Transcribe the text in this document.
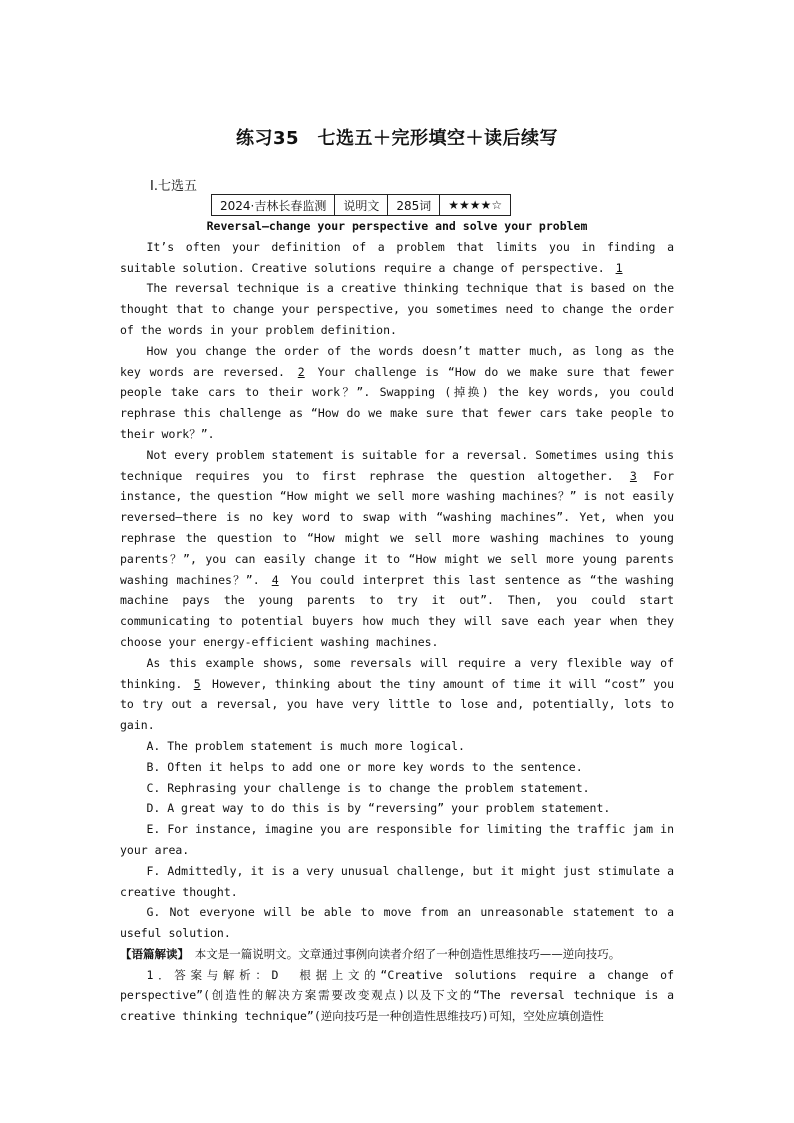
练习35　七选五＋完形填空＋读后续写
Ⅰ.七选五
2024·吉林长春监测	说明文	285词	★★★★☆

Reversal—change your perspective and solve your problem

It’s often your definition of a problem that limits you in finding a suitable solution. Creative solutions require a change of perspective. 1

The reversal technique is a creative thinking technique that is based on the thought that to change your perspective, you sometimes need to change the order of the words in your problem definition.

How you change the order of the words doesn’t matter much, as long as the key words are reversed. 2 Your challenge is “How do we make sure that fewer people take cars to their work？”. Swapping (掉换) the key words, you could rephrase this challenge as “How do we make sure that fewer cars take people to their work？”.

Not every problem statement is suitable for a reversal. Sometimes using this technique requires you to first rephrase the question altogether. 3 For instance, the question “How might we sell more washing machines？” is not easily reversed—there is no key word to swap with “washing machines”. Yet, when you rephrase the question to “How might we sell more washing machines to young parents？”, you can easily change it to “How might we sell more young parents washing machines？”. 4 You could interpret this last sentence as “the washing machine pays the young parents to try it out”. Then, you could start communicating to potential buyers how much they will save each year when they choose your energy-efficient washing machines.

As this example shows, some reversals will require a very flexible way of thinking. 5 However, thinking about the tiny amount of time it will “cost” you to try out a reversal, you have very little to lose and, potentially, lots to gain.

A. The problem statement is much more logical.

B. Often it helps to add one or more key words to the sentence.

C. Rephrasing your challenge is to change the problem statement.

D. A great way to do this is by “reversing” your problem statement.

E. For instance, imagine you are responsible for limiting the traffic jam in your area.

F. Admittedly, it is a very unusual challenge, but it might just stimulate a creative thought.

G. Not everyone will be able to move from an unreasonable statement to a useful solution.

【语篇解读】　本文是一篇说明文。文章通过事例向读者介绍了一种创造性思维技巧——逆向技巧。

1．答案与解析：D　根据上文的“Creative solutions require a change of perspective”(创造性的解决方案需要改变观点)以及下文的“The reversal technique is a creative thinking technique”(逆向技巧是一种创造性思维技巧)可知，空处应填创造性
